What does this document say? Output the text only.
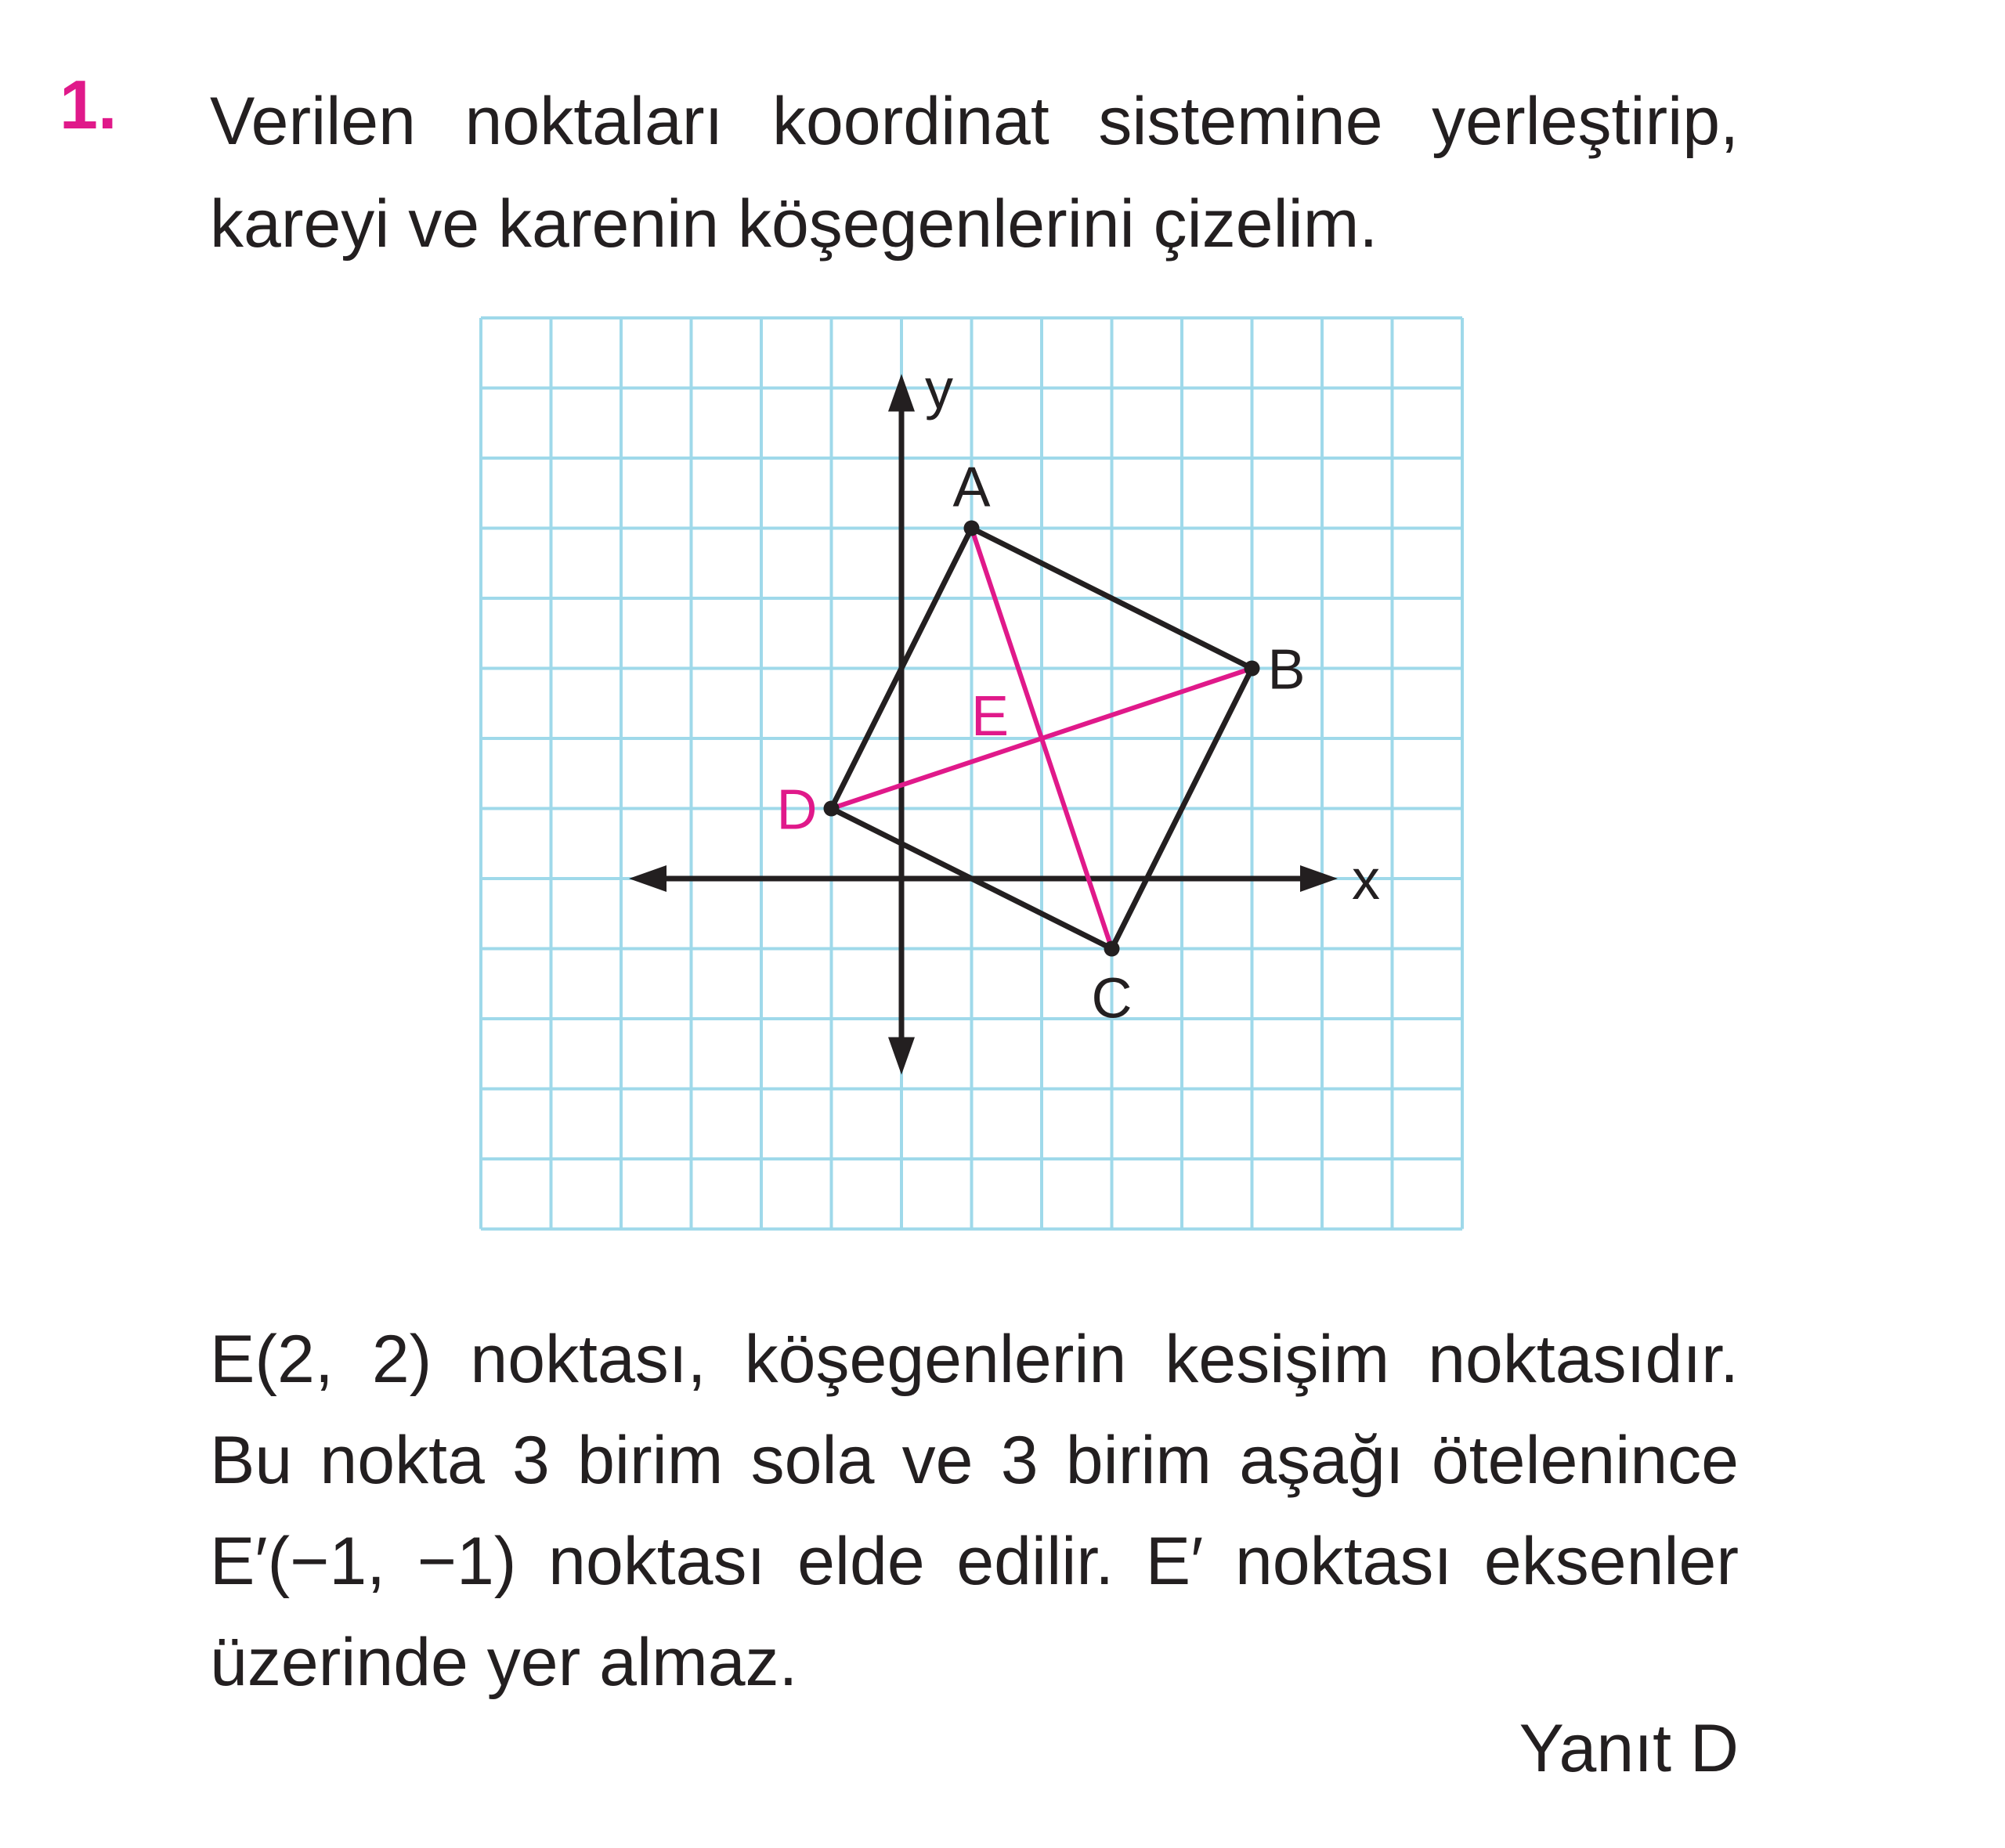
1. Verilen noktaları koordinat sistemine yerleştirip,
kareyi ve karenin köşegenlerini çizelim.
x
y
A
B
C
D
E
E(2, 2) noktası, köşegenlerin kesişim noktasıdır.
Bu nokta 3 birim sola ve 3 birim aşağı ötelenince
E′(−1, −1) noktası elde edilir. E′ noktası eksenler
üzerinde yer almaz.
Yanıt D
